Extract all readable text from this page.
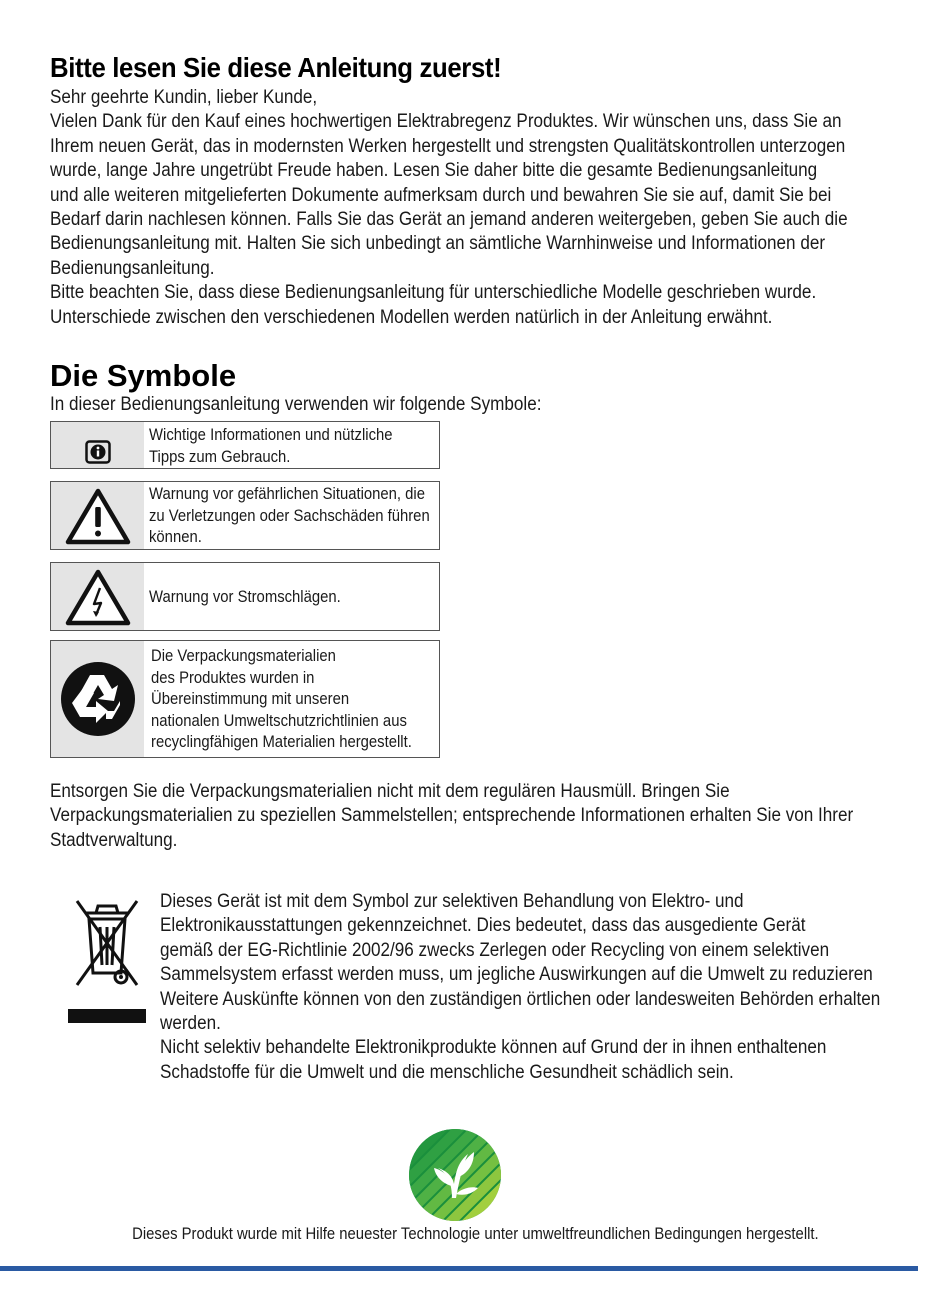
Bitte lesen Sie diese Anleitung zuerst!
Sehr geehrte Kundin, lieber Kunde,
Vielen Dank für den Kauf eines hochwertigen Elektrabregenz Produktes. Wir wünschen uns, dass Sie an
Ihrem neuen Gerät, das in modernsten Werken hergestellt und strengsten Qualitätskontrollen unterzogen
wurde, lange Jahre ungetrübt Freude haben. Lesen Sie daher bitte die gesamte Bedienungsanleitung
und alle weiteren mitgelieferten Dokumente aufmerksam durch und bewahren Sie sie auf, damit Sie bei
Bedarf darin nachlesen können. Falls Sie das Gerät an jemand anderen weitergeben, geben Sie auch die
Bedienungsanleitung mit. Halten Sie sich unbedingt an sämtliche Warnhinweise und Informationen der
Bedienungsanleitung.
Bitte beachten Sie, dass diese Bedienungsanleitung für unterschiedliche Modelle geschrieben wurde.
Unterschiede zwischen den verschiedenen Modellen werden natürlich in der Anleitung erwähnt.
Die Symbole
In dieser Bedienungsanleitung verwenden wir folgende Symbole:
Wichtige Informationen und nützliche
Tipps zum Gebrauch.
Warnung vor gefährlichen Situationen, die
zu Verletzungen oder Sachschäden führen
können.
Warnung vor Stromschlägen.
Die Verpackungsmaterialien
des Produktes wurden in
Übereinstimmung mit unseren
nationalen Umweltschutzrichtlinien aus
recyclingfähigen Materialien hergestellt.
Entsorgen Sie die Verpackungsmaterialien nicht mit dem regulären Hausmüll. Bringen Sie
Verpackungsmaterialien zu speziellen Sammelstellen; entsprechende Informationen erhalten Sie von Ihrer
Stadtverwaltung.
Dieses Gerät ist mit dem Symbol zur selektiven Behandlung von Elektro- und
Elektronikausstattungen gekennzeichnet. Dies bedeutet, dass das ausgediente Gerät
gemäß der EG-Richtlinie 2002/96 zwecks Zerlegen oder Recycling von einem selektiven
Sammelsystem erfasst werden muss, um jegliche Auswirkungen auf die Umwelt zu reduzieren
Weitere Auskünfte können von den zuständigen örtlichen oder landesweiten Behörden erhalten
werden.
Nicht selektiv behandelte Elektronikprodukte können auf Grund der in ihnen enthaltenen
Schadstoffe für die Umwelt und die menschliche Gesundheit schädlich sein.
Dieses Produkt wurde mit Hilfe neuester Technologie unter umweltfreundlichen Bedingungen hergestellt.
